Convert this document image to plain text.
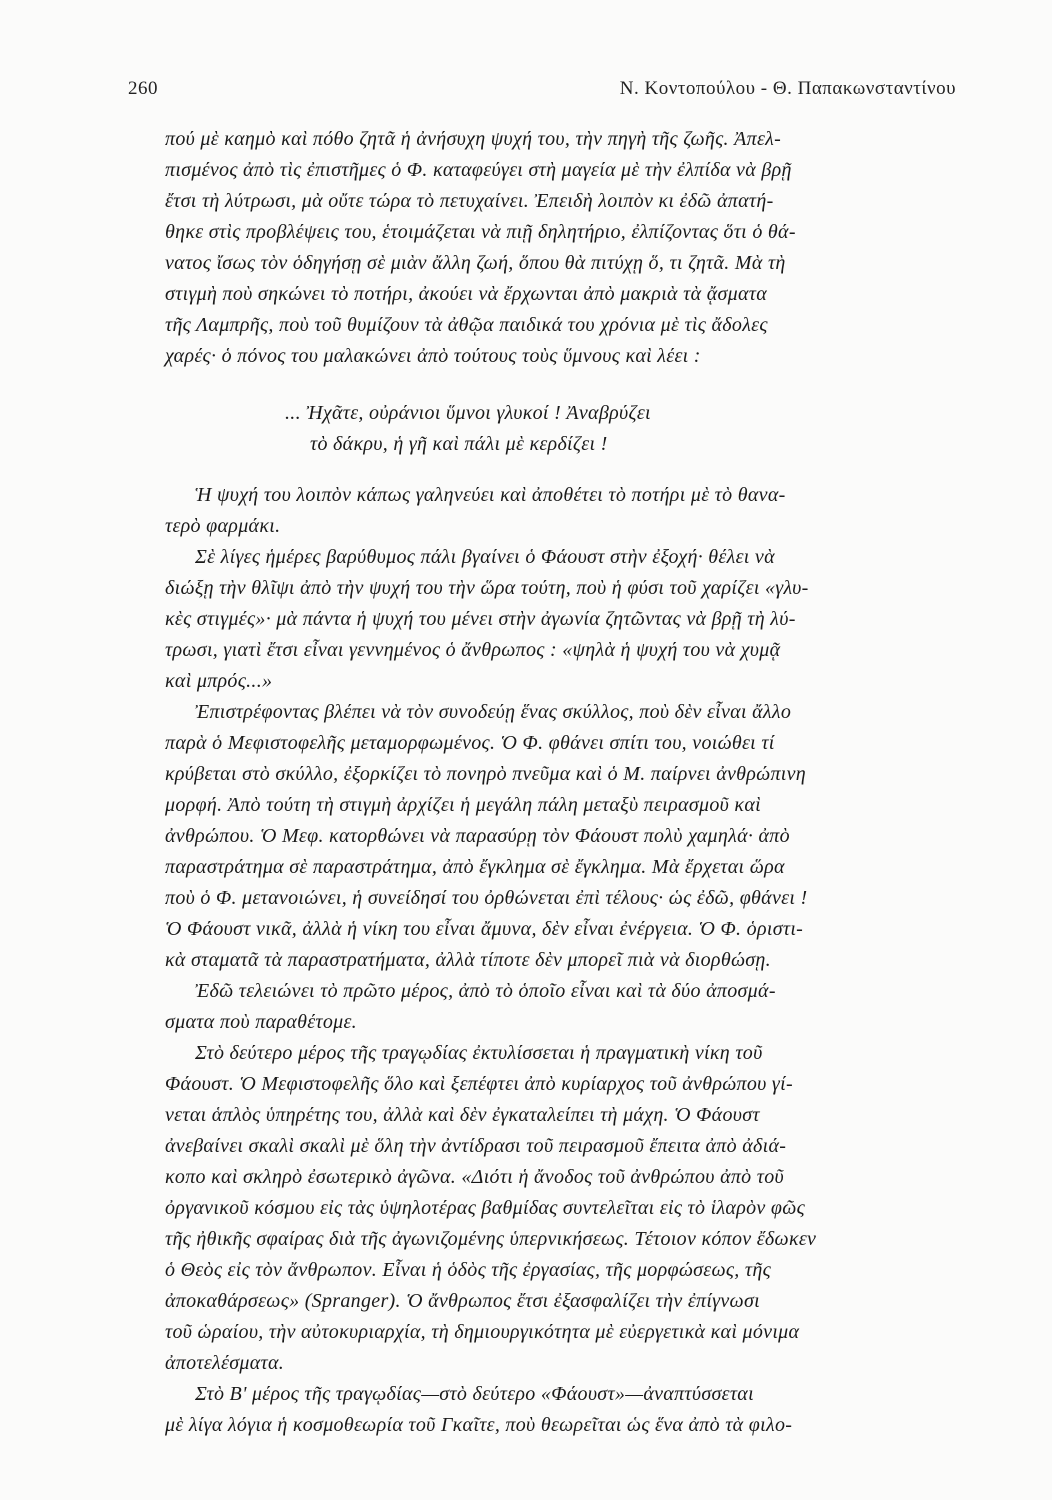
260	Ν. Κοντοπούλου - Θ. Παπακωνσταντίνου
πού μὲ καημὸ καὶ πόθο ζητᾶ ἡ ἀνήσυχη ψυχή του, τὴν πηγὴ τῆς ζωῆς. Ἀπελ-
πισμένος ἀπὸ τὶς ἐπιστῆμες ὁ Φ. καταφεύγει στὴ μαγεία μὲ τὴν ἐλπίδα νὰ βρῇ
ἔτσι τὴ λύτρωσι, μὰ οὔτε τώρα τὸ πετυχαίνει. Ἐπειδὴ λοιπὸν κι ἐδῶ ἀπατή-
θηκε στὶς προβλέψεις του, ἑτοιμάζεται νὰ πιῇ δηλητήριο, ἐλπίζοντας ὅτι ὁ θά-
νατος ἴσως τὸν ὁδηγήσῃ σὲ μιὰν ἄλλη ζωή, ὅπου θὰ πιτύχῃ ὅ, τι ζητᾶ. Μὰ τὴ
στιγμὴ ποὺ σηκώνει τὸ ποτήρι, ἀκούει νὰ ἔρχωνται ἀπὸ μακριὰ τὰ ᾄσματα
τῆς Λαμπρῆς, ποὺ τοῦ θυμίζουν τὰ ἀθῷα παιδικά του χρόνια μὲ τὶς ἄδολες
χαρές· ὁ πόνος του μαλακώνει ἀπὸ τούτους τοὺς ὕμνους καὶ λέει :
... Ἠχᾶτε, οὐράνιοι ὕμνοι γλυκοί ! Ἀναβρύζει
τὸ δάκρυ, ἡ γῆ καὶ πάλι μὲ κερδίζει !
Ἡ ψυχή του λοιπὸν κάπως γαληνεύει καὶ ἀποθέτει τὸ ποτήρι μὲ τὸ θανα-
τερὸ φαρμάκι.
Σὲ λίγες ἡμέρες βαρύθυμος πάλι βγαίνει ὁ Φάουστ στὴν ἐξοχή· θέλει νὰ
διώξῃ τὴν θλῖψι ἀπὸ τὴν ψυχή του τὴν ὥρα τούτη, ποὺ ἡ φύσι τοῦ χαρίζει «γλυ-
κὲς στιγμές»· μὰ πάντα ἡ ψυχή του μένει στὴν ἀγωνία ζητῶντας νὰ βρῇ τὴ λύ-
τρωσι, γιατὶ ἔτσι εἶναι γεννημένος ὁ ἄνθρωπος : «ψηλὰ ἡ ψυχή του νὰ χυμᾷ
καὶ μπρός...»
Ἐπιστρέφοντας βλέπει νὰ τὸν συνοδεύῃ ἕνας σκύλλος, ποὺ δὲν εἶναι ἄλλο
παρὰ ὁ Μεφιστοφελῆς μεταμορφωμένος. Ὁ Φ. φθάνει σπίτι του, νοιώθει τί
κρύβεται στὸ σκύλλο, ἐξορκίζει τὸ πονηρὸ πνεῦμα καὶ ὁ Μ. παίρνει ἀνθρώπινη
μορφή. Ἀπὸ τούτη τὴ στιγμὴ ἀρχίζει ἡ μεγάλη πάλη μεταξὺ πειρασμοῦ καὶ
ἀνθρώπου. Ὁ Μεφ. κατορθώνει νὰ παρασύρῃ τὸν Φάουστ πολὺ χαμηλά· ἀπὸ
παραστράτημα σὲ παραστράτημα, ἀπὸ ἔγκλημα σὲ ἔγκλημα. Μὰ ἔρχεται ὥρα
ποὺ ὁ Φ. μετανοιώνει, ἡ συνείδησί του ὀρθώνεται ἐπὶ τέλους· ὡς ἐδῶ, φθάνει !
Ὁ Φάουστ νικᾶ, ἀλλὰ ἡ νίκη του εἶναι ἄμυνα, δὲν εἶναι ἐνέργεια. Ὁ Φ. ὁριστι-
κὰ σταματᾶ τὰ παραστρατήματα, ἀλλὰ τίποτε δὲν μπορεῖ πιὰ νὰ διορθώσῃ.
Ἐδῶ τελειώνει τὸ πρῶτο μέρος, ἀπὸ τὸ ὁποῖο εἶναι καὶ τὰ δύο ἀποσμά-
σματα ποὺ παραθέτομε.
Στὸ δεύτερο μέρος τῆς τραγῳδίας ἐκτυλίσσεται ἡ πραγματικὴ νίκη τοῦ
Φάουστ. Ὁ Μεφιστοφελῆς ὅλο καὶ ξεπέφτει ἀπὸ κυρίαρχος τοῦ ἀνθρώπου γί-
νεται ἁπλὸς ὑπηρέτης του, ἀλλὰ καὶ δὲν ἐγκαταλείπει τὴ μάχη. Ὁ Φάουστ
ἀνεβαίνει σκαλὶ σκαλὶ μὲ ὅλη τὴν ἀντίδρασι τοῦ πειρασμοῦ ἔπειτα ἀπὸ ἀδιά-
κοπο καὶ σκληρὸ ἐσωτερικὸ ἀγῶνα. «Διότι ἡ ἄνοδος τοῦ ἀνθρώπου ἀπὸ τοῦ
ὀργανικοῦ κόσμου εἰς τὰς ὑψηλοτέρας βαθμίδας συντελεῖται εἰς τὸ ἱλαρὸν φῶς
τῆς ἠθικῆς σφαίρας διὰ τῆς ἀγωνιζομένης ὑπερνικήσεως. Τέτοιον κόπον ἔδωκεν
ὁ Θεὸς εἰς τὸν ἄνθρωπον. Εἶναι ἡ ὁδὸς τῆς ἐργασίας, τῆς μορφώσεως, τῆς
ἀποκαθάρσεως» (Spranger). Ὁ ἄνθρωπος ἔτσι ἐξασφαλίζει τὴν ἐπίγνωσι
τοῦ ὡραίου, τὴν αὐτοκυριαρχία, τὴ δημιουργικότητα μὲ εὐεργετικὰ καὶ μόνιμα
ἀποτελέσματα.
Στὸ Β' μέρος τῆς τραγῳδίας—στὸ δεύτερο «Φάουστ»—ἀναπτύσσεται
μὲ λίγα λόγια ἡ κοσμοθεωρία τοῦ Γκαῖτε, ποὺ θεωρεῖται ὡς ἕνα ἀπὸ τὰ φιλο-
